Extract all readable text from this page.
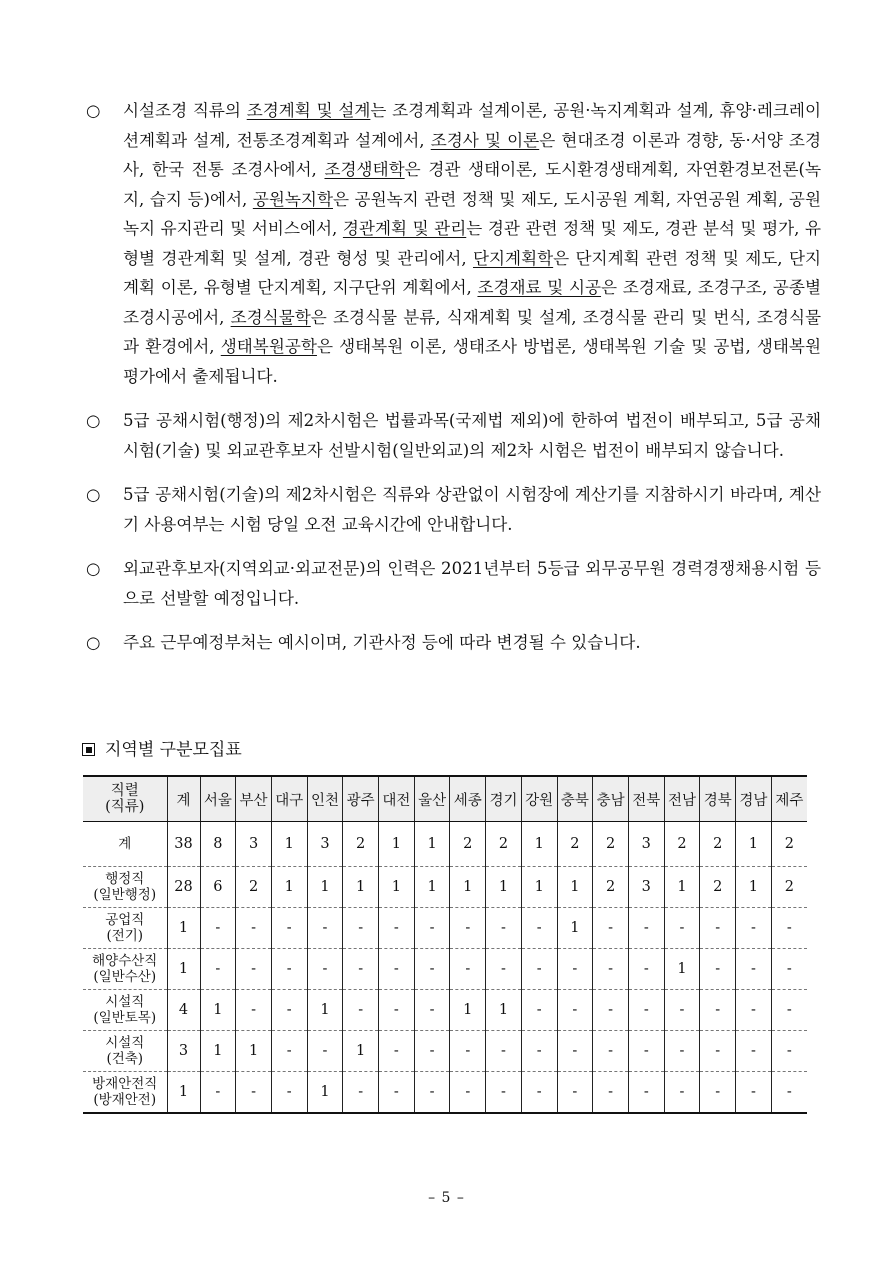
○	시설조경 직류의 조경계획 및 설계는 조경계획과 설계이론, 공원·녹지계획과 설계, 휴양·레크레이션계획과 설계, 전통조경계획과 설계에서, 조경사 및 이론은 현대조경 이론과 경향, 동·서양 조경사, 한국 전통 조경사에서, 조경생태학은 경관 생태이론, 도시환경생태계획, 자연환경보전론(녹지, 습지 등)에서, 공원녹지학은 공원녹지 관련 정책 및 제도, 도시공원 계획, 자연공원 계획, 공원녹지 유지관리 및 서비스에서, 경관계획 및 관리는 경관 관련 정책 및 제도, 경관 분석 및 평가, 유형별 경관계획 및 설계, 경관 형성 및 관리에서, 단지계획학은 단지계획 관련 정책 및 제도, 단지계획 이론, 유형별 단지계획, 지구단위 계획에서, 조경재료 및 시공은 조경재료, 조경구조, 공종별 조경시공에서, 조경식물학은 조경식물 분류, 식재계획 및 설계, 조경식물 관리 및 번식, 조경식물과 환경에서, 생태복원공학은 생태복원 이론, 생태조사 방법론, 생태복원 기술 및 공법, 생태복원 평가에서 출제됩니다.
○	5급 공채시험(행정)의 제2차시험은 법률과목(국제법 제외)에 한하여 법전이 배부되고, 5급 공채시험(기술) 및 외교관후보자 선발시험(일반외교)의 제2차 시험은 법전이 배부되지 않습니다.
○	5급 공채시험(기술)의 제2차시험은 직류와 상관없이 시험장에 계산기를 지참하시기 바라며, 계산기 사용여부는 시험 당일 오전 교육시간에 안내합니다.
○	외교관후보자(지역외교·외교전문)의 인력은 2021년부터 5등급 외무공무원 경력경쟁채용시험 등으로 선발할 예정입니다.
○	주요 근무예정부처는 예시이며, 기관사정 등에 따라 변경될 수 있습니다.
지역별 구분모집표
직렬
(직류)	계	서울	부산	대구	인천	광주	대전	울산	세종	경기	강원	충북	충남	전북	전남	경북	경남	제주
계	38	8	3	1	3	2	1	1	2	2	1	2	2	3	2	2	1	2
행정직
(일반행정)	28	6	2	1	1	1	1	1	1	1	1	1	2	3	1	2	1	2
공업직
(전기)	1	-	-	-	-	-	-	-	-	-	-	1	-	-	-	-	-	-
해양수산직
(일반수산)	1	-	-	-	-	-	-	-	-	-	-	-	-	-	1	-	-	-
시설직
(일반토목)	4	1	-	-	1	-	-	-	1	1	-	-	-	-	-	-	-	-
시설직
(건축)	3	1	1	-	-	1	-	-	-	-	-	-	-	-	-	-	-	-
방재안전직
(방재안전)	1	-	-	-	1	-	-	-	-	-	-	-	-	-	-	-	-	-
– 5 –
